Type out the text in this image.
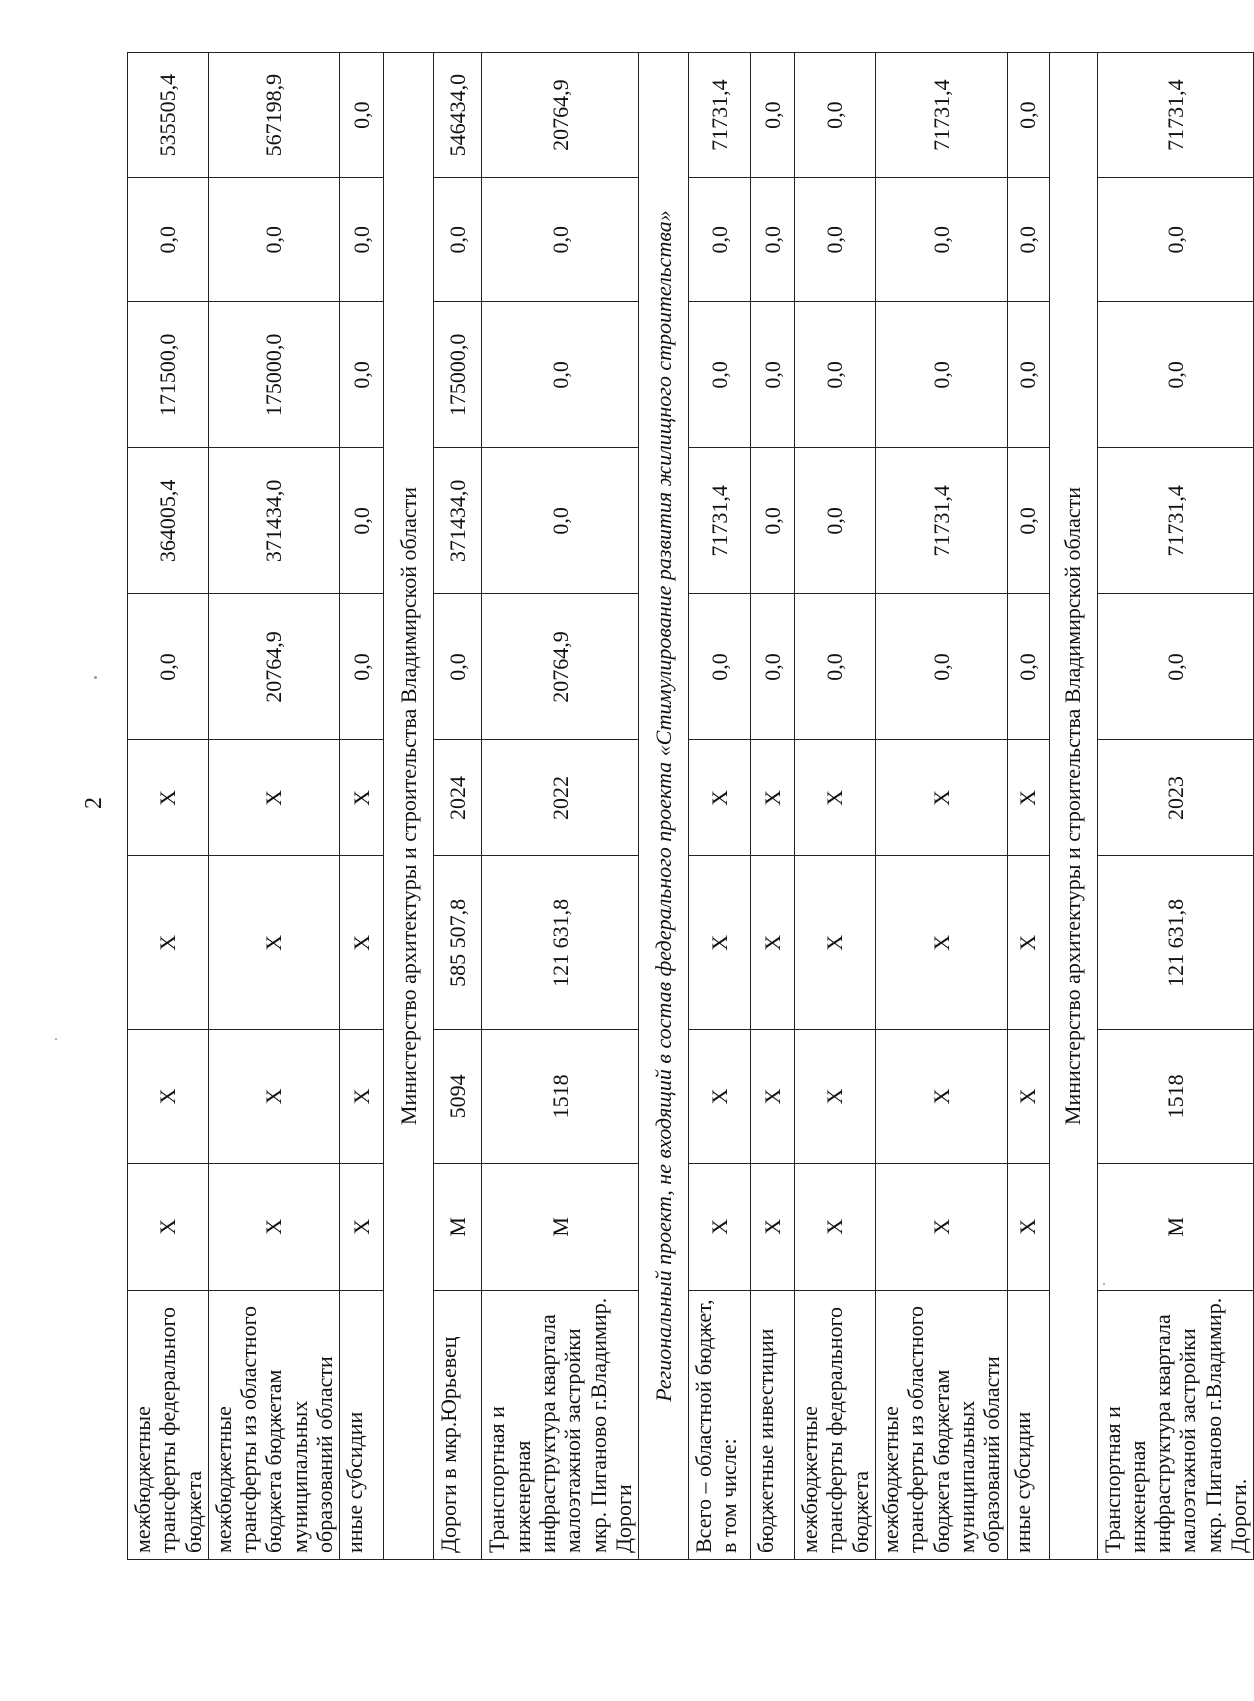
2
межбюджетные трансферты федерального бюджета	Х	Х	Х	Х	0,0	364005,4	171500,0	0,0	535505,4
межбюджетные трансферты из областного бюджета бюджетам муниципальных образований области	Х	Х	Х	Х	20764,9	371434,0	175000,0	0,0	567198,9
иные субсидии	Х	Х	Х	Х	0,0	0,0	0,0	0,0	0,0
Министерство архитектуры и строительства Владимирской области									
Дороги в мкр.Юрьевец	М	5094	585 507,8	2024	0,0	371434,0	175000,0	0,0	546434,0
Транспортная и инженерная инфраструктура квартала малоэтажной застройки мкр. Пиганово г.Владимир. Дороги	М	1518	121 631,8	2022	20764,9	0,0	0,0	0,0	20764,9
Региональный проект, не входящий в состав федерального проекта «Стимулирование развития жилищного строительства»									
Всего – областной бюджет, в том числе:	Х	Х	Х	Х	0,0	71731,4	0,0	0,0	71731,4
бюджетные инвестиции	Х	Х	Х	Х	0,0	0,0	0,0	0,0	0,0
межбюджетные трансферты федерального бюджета	Х	Х	Х	Х	0,0	0,0	0,0	0,0	0,0
межбюджетные трансферты из областного бюджета бюджетам муниципальных образований области	Х	Х	Х	Х	0,0	71731,4	0,0	0,0	71731,4
иные субсидии	Х	Х	Х	Х	0,0	0,0	0,0	0,0	0,0
Министерство архитектуры и строительства Владимирской области									
Транспортная и инженерная инфраструктура квартала малоэтажной застройки мкр. Пиганово г.Владимир. Дороги.	М	1518	121 631,8	2023	0,0	71731,4	0,0	0,0	71731,4
